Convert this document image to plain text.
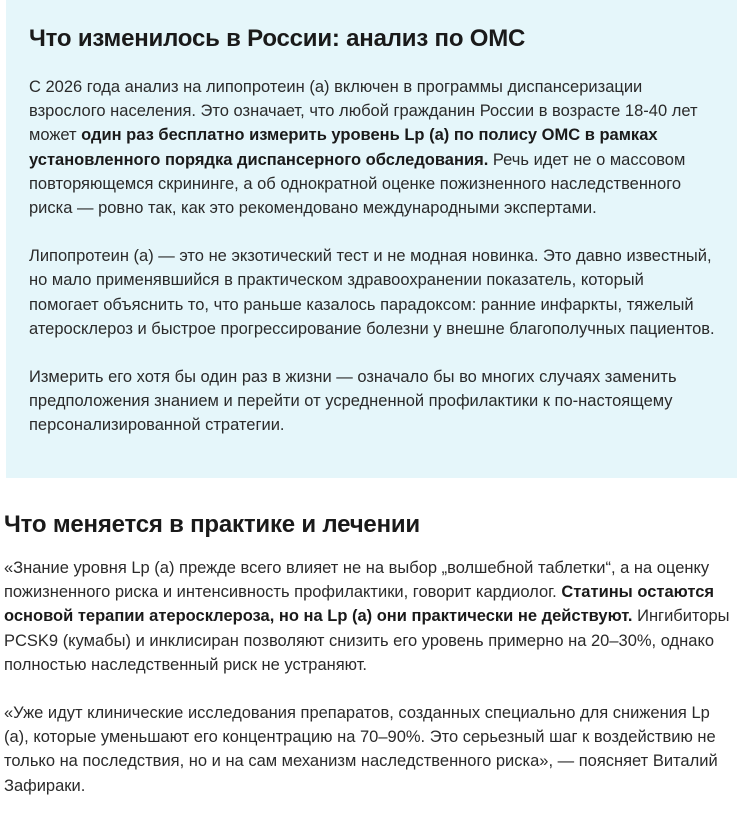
Что изменилось в России: анализ по ОМС

С 2026 года анализ на липопротеин (а) включен в программы диспансеризации взрослого населения. Это означает, что любой гражданин России в возрасте 18-40 лет может один раз бесплатно измерить уровень Lp (а) по полису ОМС в рамках установленного порядка диспансерного обследования. Речь идет не о массовом повторяющемся скрининге, а об однократной оценке пожизненного наследственного риска — ровно так, как это рекомендовано международными экспертами.

Липопротеин (а) — это не экзотический тест и не модная новинка. Это давно известный, но мало применявшийся в практическом здравоохранении показатель, который помогает объяснить то, что раньше казалось парадоксом: ранние инфаркты, тяжелый атеросклероз и быстрое прогрессирование болезни у внешне благополучных пациентов.

Измерить его хотя бы один раз в жизни — означало бы во многих случаях заменить предположения знанием и перейти от усредненной профилактики к по-настоящему персонализированной стратегии.

Что меняется в практике и лечении

«Знание уровня Lp (а) прежде всего влияет не на выбор „волшебной таблетки“, а на оценку пожизненного риска и интенсивность профилактики, говорит кардиолог. Статины остаются основой терапии атеросклероза, но на Lp (а) они практически не действуют. Ингибиторы PCSK9 (кумабы) и инклисиран позволяют снизить его уровень примерно на 20–30%, однако полностью наследственный риск не устраняют.

«Уже идут клинические исследования препаратов, созданных специально для снижения Lp (а), которые уменьшают его концентрацию на 70–90%. Это серьезный шаг к воздействию не только на последствия, но и на сам механизм наследственного риска», — поясняет Виталий Зафираки.
